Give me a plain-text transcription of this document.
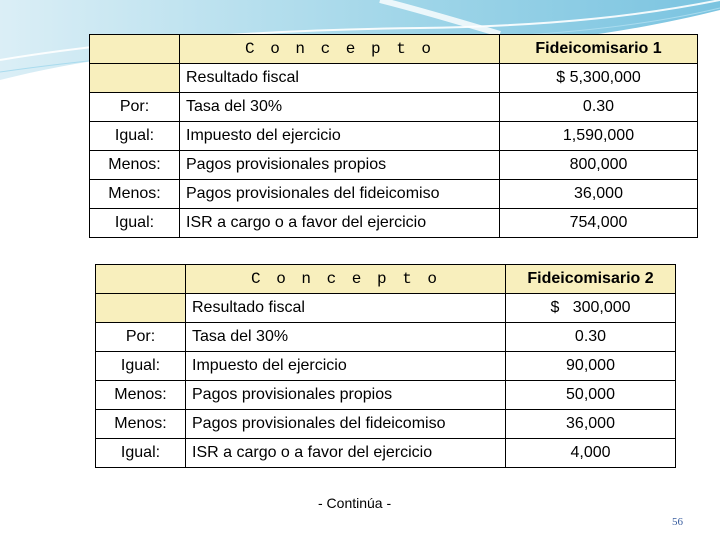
	C o n c e p t o	Fideicomisario 1
	Resultado fiscal	$ 5,300,000
Por:	Tasa del 30%	0.30
Igual:	Impuesto del ejercicio	1,590,000
Menos:	Pagos provisionales propios	800,000
Menos:	Pagos provisionales del fideicomiso	36,000
Igual:	ISR a cargo o a favor del ejercicio	754,000
	C o n c e p t o	Fideicomisario 2
	Resultado fiscal	$   300,000
Por:	Tasa del 30%	0.30
Igual:	Impuesto del ejercicio	90,000
Menos:	Pagos provisionales propios	50,000
Menos:	Pagos provisionales del fideicomiso	36,000
Igual:	ISR a cargo o a favor del ejercicio	4,000
- Continúa -
56
